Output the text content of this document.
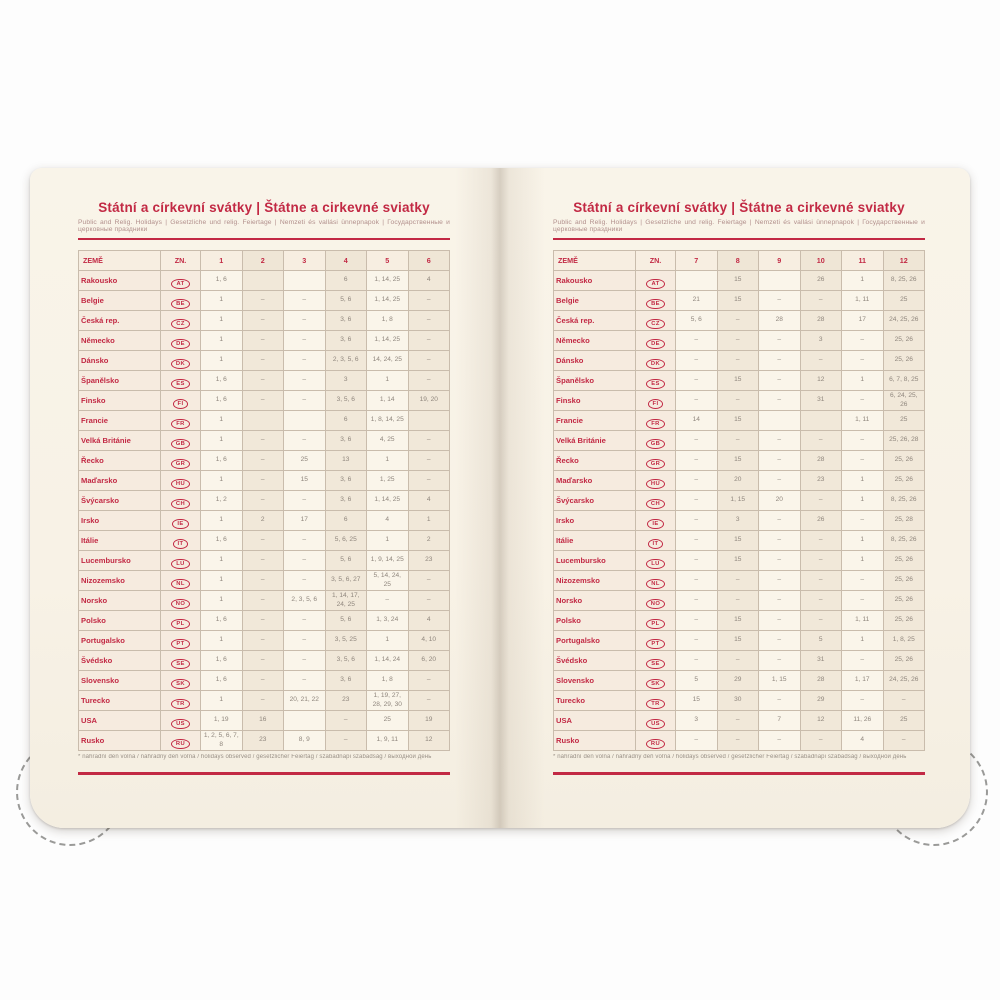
Státní a církevní svátky | Štátne a cirkevné sviatky
Public and Relig. Holidays | Gesetzliche und relig. Feiertage | Nemzeti és vallási ünnepnapok | Государственные и церковные праздники
ZEMĚ	ZN.	1	2	3	4	5	6
Rakousko	AT	1, 6			6	1, 14, 25	4
Belgie	BE	1	–	–	5, 6	1, 14, 25	–
Česká rep.	CZ	1	–	–	3, 6	1, 8	–
Německo	DE	1	–	–	3, 6	1, 14, 25	–
Dánsko	DK	1	–	–	2, 3, 5, 6	14, 24, 25	–
Španělsko	ES	1, 6	–	–	3	1	–
Finsko	FI	1, 6	–	–	3, 5, 6	1, 14	19, 20
Francie	FR	1			6	1, 8, 14, 25	
Velká Británie	GB	1	–	–	3, 6	4, 25	–
Řecko	GR	1, 6	–	25	13	1	–
Maďarsko	HU	1	–	15	3, 6	1, 25	–
Švýcarsko	CH	1, 2	–	–	3, 6	1, 14, 25	4
Irsko	IE	1	2	17	6	4	1
Itálie	IT	1, 6	–	–	5, 6, 25	1	2
Lucembursko	LU	1	–	–	5, 6	1, 9, 14, 25	23
Nizozemsko	NL	1	–	–	3, 5, 6, 27	5, 14, 24, 25	–
Norsko	NO	1	–	2, 3, 5, 6	1, 14, 17, 24, 25	–	–
Polsko	PL	1, 6	–	–	5, 6	1, 3, 24	4
Portugalsko	PT	1	–	–	3, 5, 25	1	4, 10
Švédsko	SE	1, 6	–	–	3, 5, 6	1, 14, 24	6, 20
Slovensko	SK	1, 6	–	–	3, 6	1, 8	–
Turecko	TR	1	–	20, 21, 22	23	1, 19, 27, 28, 29, 30	–
USA	US	1, 19	16		–	25	19
Rusko	RU	1, 2, 5, 6, 7, 8	23	8, 9	–	1, 9, 11	12
* náhradní den volna / náhradný deň voľna / holidays observed / gesetzlicher Feiertag / szabadnapi szabadság / выходной день
Státní a církevní svátky | Štátne a cirkevné sviatky
Public and Relig. Holidays | Gesetzliche und relig. Feiertage | Nemzeti és vallási ünnepnapok | Государственные и церковные праздники
ZEMĚ	ZN.	7	8	9	10	11	12
Rakousko	AT		15		26	1	8, 25, 26
Belgie	BE	21	15	–	–	1, 11	25
Česká rep.	CZ	5, 6	–	28	28	17	24, 25, 26
Německo	DE	–	–	–	3	–	25, 26
Dánsko	DK	–	–	–	–	–	25, 26
Španělsko	ES	–	15	–	12	1	6, 7, 8, 25
Finsko	FI	–	–	–	31	–	6, 24, 25, 26
Francie	FR	14	15			1, 11	25
Velká Británie	GB	–	–	–	–	–	25, 26, 28
Řecko	GR	–	15	–	28	–	25, 26
Maďarsko	HU	–	20	–	23	1	25, 26
Švýcarsko	CH	–	1, 15	20	–	1	8, 25, 26
Irsko	IE	–	3	–	26	–	25, 28
Itálie	IT	–	15	–	–	1	8, 25, 26
Lucembursko	LU	–	15	–	–	1	25, 26
Nizozemsko	NL	–	–	–	–	–	25, 26
Norsko	NO	–	–	–	–	–	25, 26
Polsko	PL	–	15	–	–	1, 11	25, 26
Portugalsko	PT	–	15	–	5	1	1, 8, 25
Švédsko	SE	–	–	–	31	–	25, 26
Slovensko	SK	5	29	1, 15	28	1, 17	24, 25, 26
Turecko	TR	15	30	–	29	–	–
USA	US	3	–	7	12	11, 26	25
Rusko	RU	–	–	–	–	4	–
* náhradní den volna / náhradný deň voľna / holidays observed / gesetzlicher Feiertag / szabadnapi szabadság / выходной день
